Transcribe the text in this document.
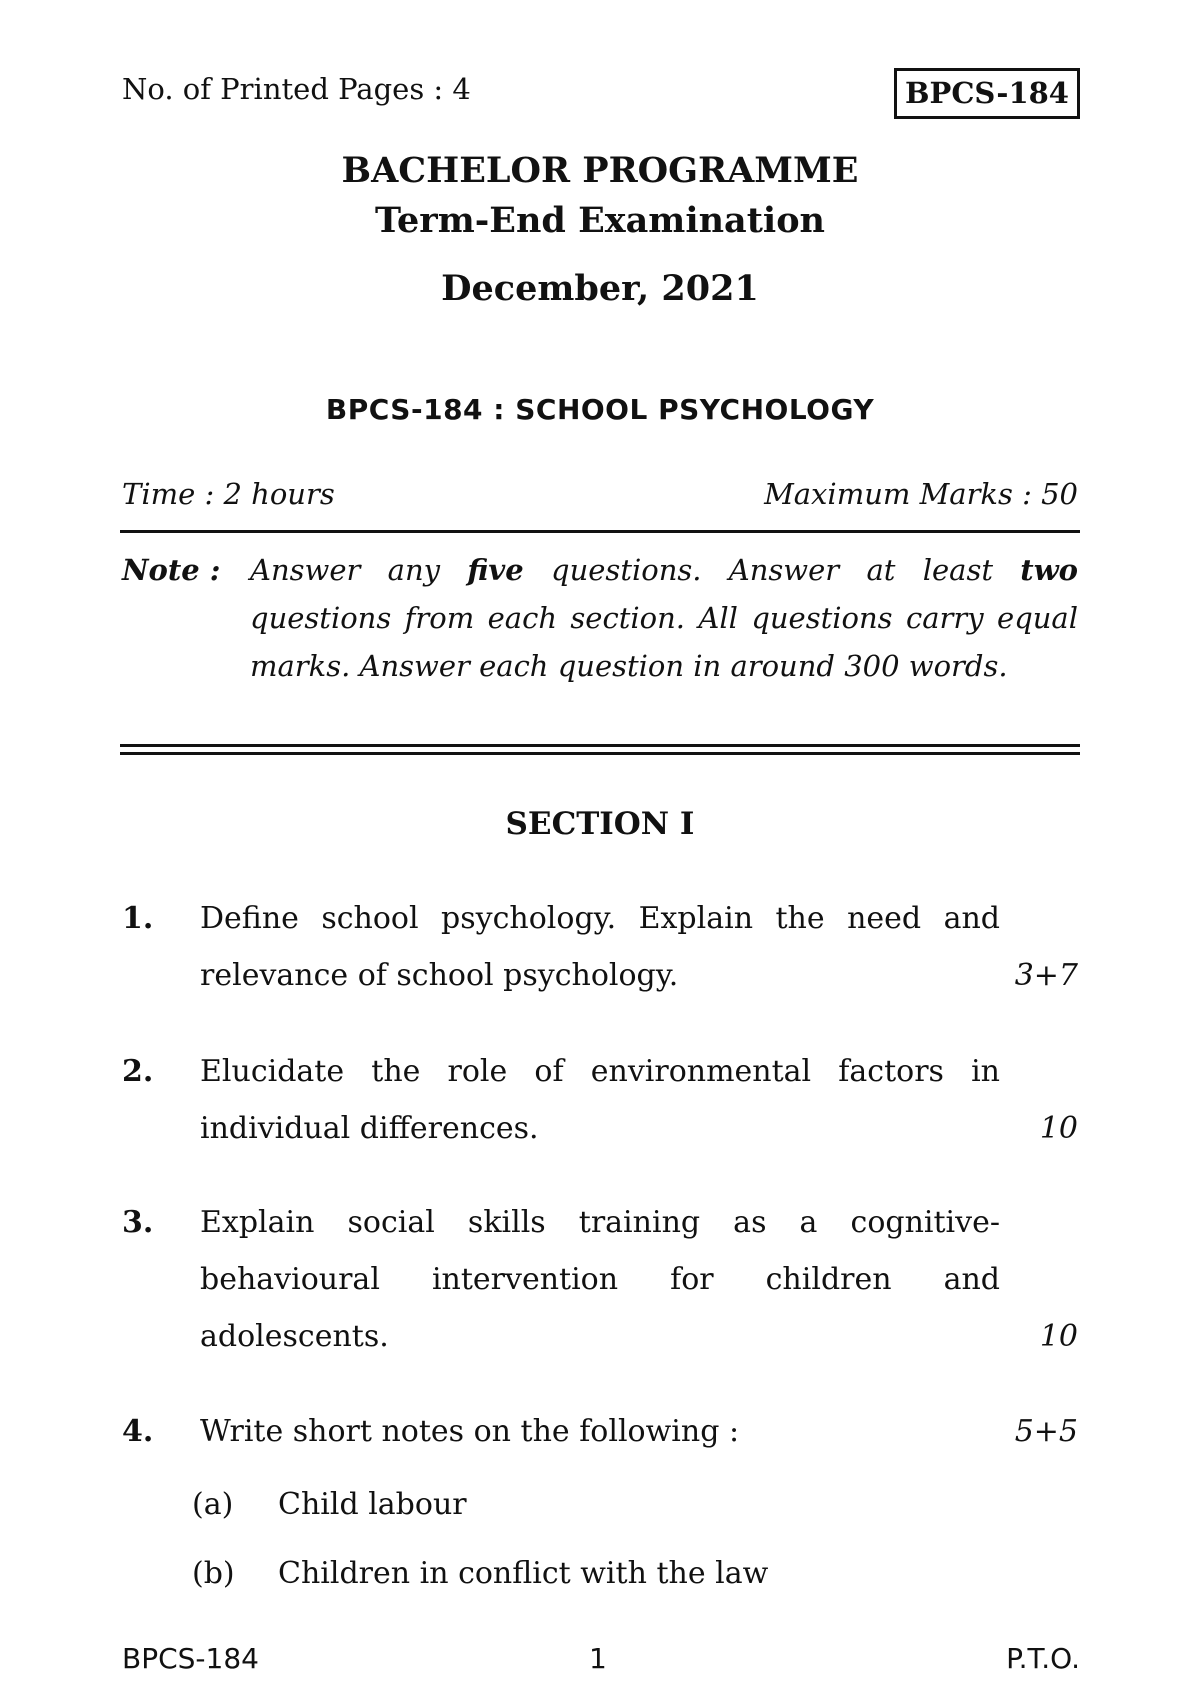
No. of Printed Pages : 4	BPCS-184
BACHELOR PROGRAMME
Term-End Examination
December, 2021
BPCS-184 : SCHOOL PSYCHOLOGY
Time : 2 hours	Maximum Marks : 50
Note : Answer any five questions. Answer at least two questions from each section. All questions carry equal marks. Answer each question in around 300 words.
SECTION I
1. Define school psychology. Explain the need and relevance of school psychology.	3+7
2. Elucidate the role of environmental factors in individual differences.	10
3. Explain social skills training as a cognitive-behavioural intervention for children and adolescents.	10
4. Write short notes on the following :	5+5
(a) Child labour
(b) Children in conflict with the law
BPCS-184	1	P.T.O.
